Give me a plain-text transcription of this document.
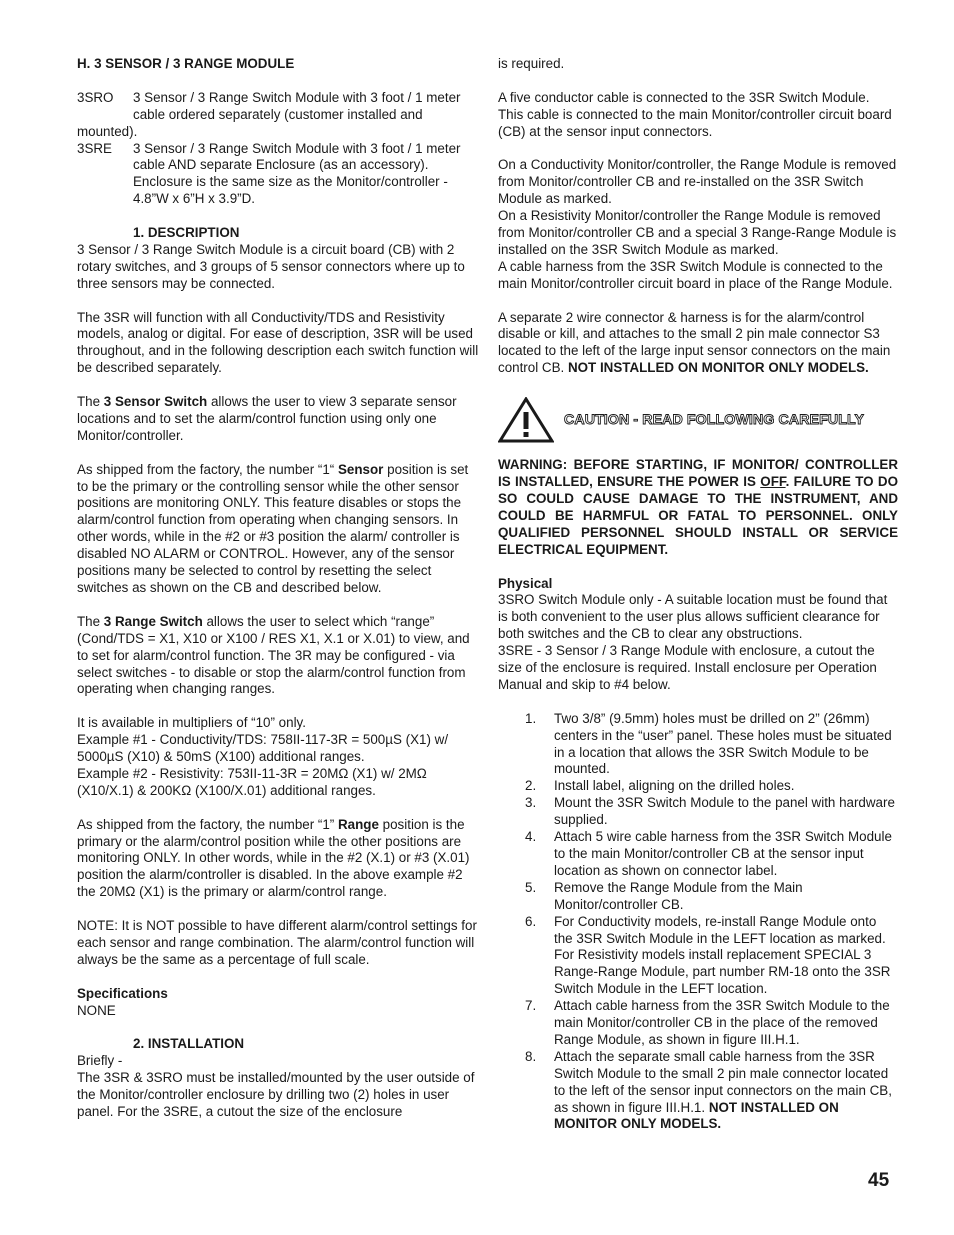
H. 3 SENSOR / 3 RANGE MODULE

3SRO	3 Sensor / 3 Range Switch Module with 3 foot / 1 meter cable ordered separately (customer installed and

mounted).

3SRE	3 Sensor / 3 Range Switch Module with 3 foot / 1 meter cable AND separate Enclosure (as an accessory). Enclosure is the same size as the Monitor/controller - 4.8”W x 6”H x 3.9”D.

1. DESCRIPTION

3 Sensor / 3 Range Switch Module is a circuit board (CB) with 2 rotary switches, and 3 groups of 5 sensor connectors where up to three sensors may be connected.

The 3SR will function with all Conductivity/TDS and Resistivity models, analog or digital. For ease of description, 3SR will be used throughout, and in the following description each switch function will be described separately.

The 3 Sensor Switch allows the user to view 3 separate sensor locations and to set the alarm/control function using only one Monitor/controller.

As shipped from the factory, the number “1“ Sensor position is set to be the primary or the controlling sensor while the other sensor positions are monitoring ONLY. This feature disables or stops the alarm/control function from operating when changing sensors. In other words, while in the #2 or #3 position the alarm/ controller is disabled NO ALARM or CONTROL. However, any of the sensor positions many be selected to control by resetting the select switches as shown on the CB and described below.

The 3 Range Switch allows the user to select which “range” (Cond/TDS = X1, X10 or X100 / RES X1, X.1 or X.01) to view, and to set for alarm/control function. The 3R may be configured - via select switches - to disable or stop the alarm/control function from operating when changing ranges.

It is available in multipliers of “10” only.

Example #1 - Conductivity/TDS: 758II-117-3R = 500µS (X1) w/ 5000µS (X10) & 50mS (X100) additional ranges.

Example #2 - Resistivity: 753II-11-3R = 20MΩ (X1) w/ 2MΩ (X10/X.1) & 200KΩ (X100/X.01) additional ranges.

As shipped from the factory, the number “1” Range position is the primary or the alarm/control position while the other positions are monitoring ONLY. In other words, while in the #2 (X.1) or #3 (X.01) position the alarm/controller is disabled. In the above example #2 the 20MΩ (X1) is the primary or alarm/control range.

NOTE: It is NOT possible to have different alarm/control settings for each sensor and range combination. The alarm/control function will always be the same as a percentage of full scale.

Specifications

NONE

2. INSTALLATION

Briefly -

The 3SR & 3SRO must be installed/mounted by the user outside of the Monitor/controller enclosure by drilling two (2) holes in user panel. For the 3SRE, a cutout the size of the enclosure

is required.

A five conductor cable is connected to the 3SR Switch Module. This cable is connected to the main Monitor/controller circuit board (CB) at the sensor input connectors.

On a Conductivity Monitor/controller, the Range Module is removed from Monitor/controller CB and re-installed on the 3SR Switch Module as marked.

On a Resistivity Monitor/controller the Range Module is removed from Monitor/controller CB and a special 3 Range-Range Module is installed on the 3SR Switch Module as marked.

A cable harness from the 3SR Switch Module is connected to the main Monitor/controller circuit board in place of the Range Module.

A separate 2 wire connector & harness is for the alarm/control disable or kill, and attaches to the small 2 pin male connector S3 located to the left of the large input sensor connectors on the main control CB. NOT INSTALLED ON MONITOR ONLY MODELS.

CAUTION - READ FOLLOWING CAREFULLY

WARNING: BEFORE STARTING, IF MONITOR/ CONTROLLER IS INSTALLED, ENSURE THE POWER IS OFF. FAILURE TO DO SO COULD CAUSE DAMAGE TO THE INSTRUMENT, AND COULD BE HARMFUL OR FATAL TO PERSONNEL. ONLY QUALIFIED PERSONNEL SHOULD INSTALL OR SERVICE ELECTRICAL EQUIPMENT.

Physical

3SRO Switch Module only - A suitable location must be found that is both convenient to the user plus allows sufficient clearance for both switches and the CB to clear any obstructions.

3SRE - 3 Sensor / 3 Range Module with enclosure, a cutout the size of the enclosure is required. Install enclosure per Operation Manual and skip to #4 below.

1.	Two 3/8” (9.5mm) holes must be drilled on 2” (26mm) centers in the “user” panel. These holes must be situated in a location that allows the 3SR Switch Module to be mounted.
2.	Install label, aligning on the drilled holes.
3.	Mount the 3SR Switch Module to the panel with hardware supplied.
4.	Attach 5 wire cable harness from the 3SR Switch Module to the main Monitor/controller CB at the sensor input location as shown on connector label.
5.	Remove the Range Module from the Main Monitor/controller CB.
6.	For Conductivity models, re-install Range Module onto the 3SR Switch Module in the LEFT location as marked.
For Resistivity models install replacement SPECIAL 3 Range-Range Module, part number RM-18 onto the 3SR Switch Module in the LEFT location.
7.	Attach cable harness from the 3SR Switch Module to the main Monitor/controller CB in the place of the removed Range Module, as shown in figure III.H.1.
8.	Attach the separate small cable harness from the 3SR Switch Module to the small 2 pin male connector located to the left of the sensor input connectors on the main CB, as shown in figure III.H.1. NOT INSTALLED ON MONITOR ONLY MODELS.
45
